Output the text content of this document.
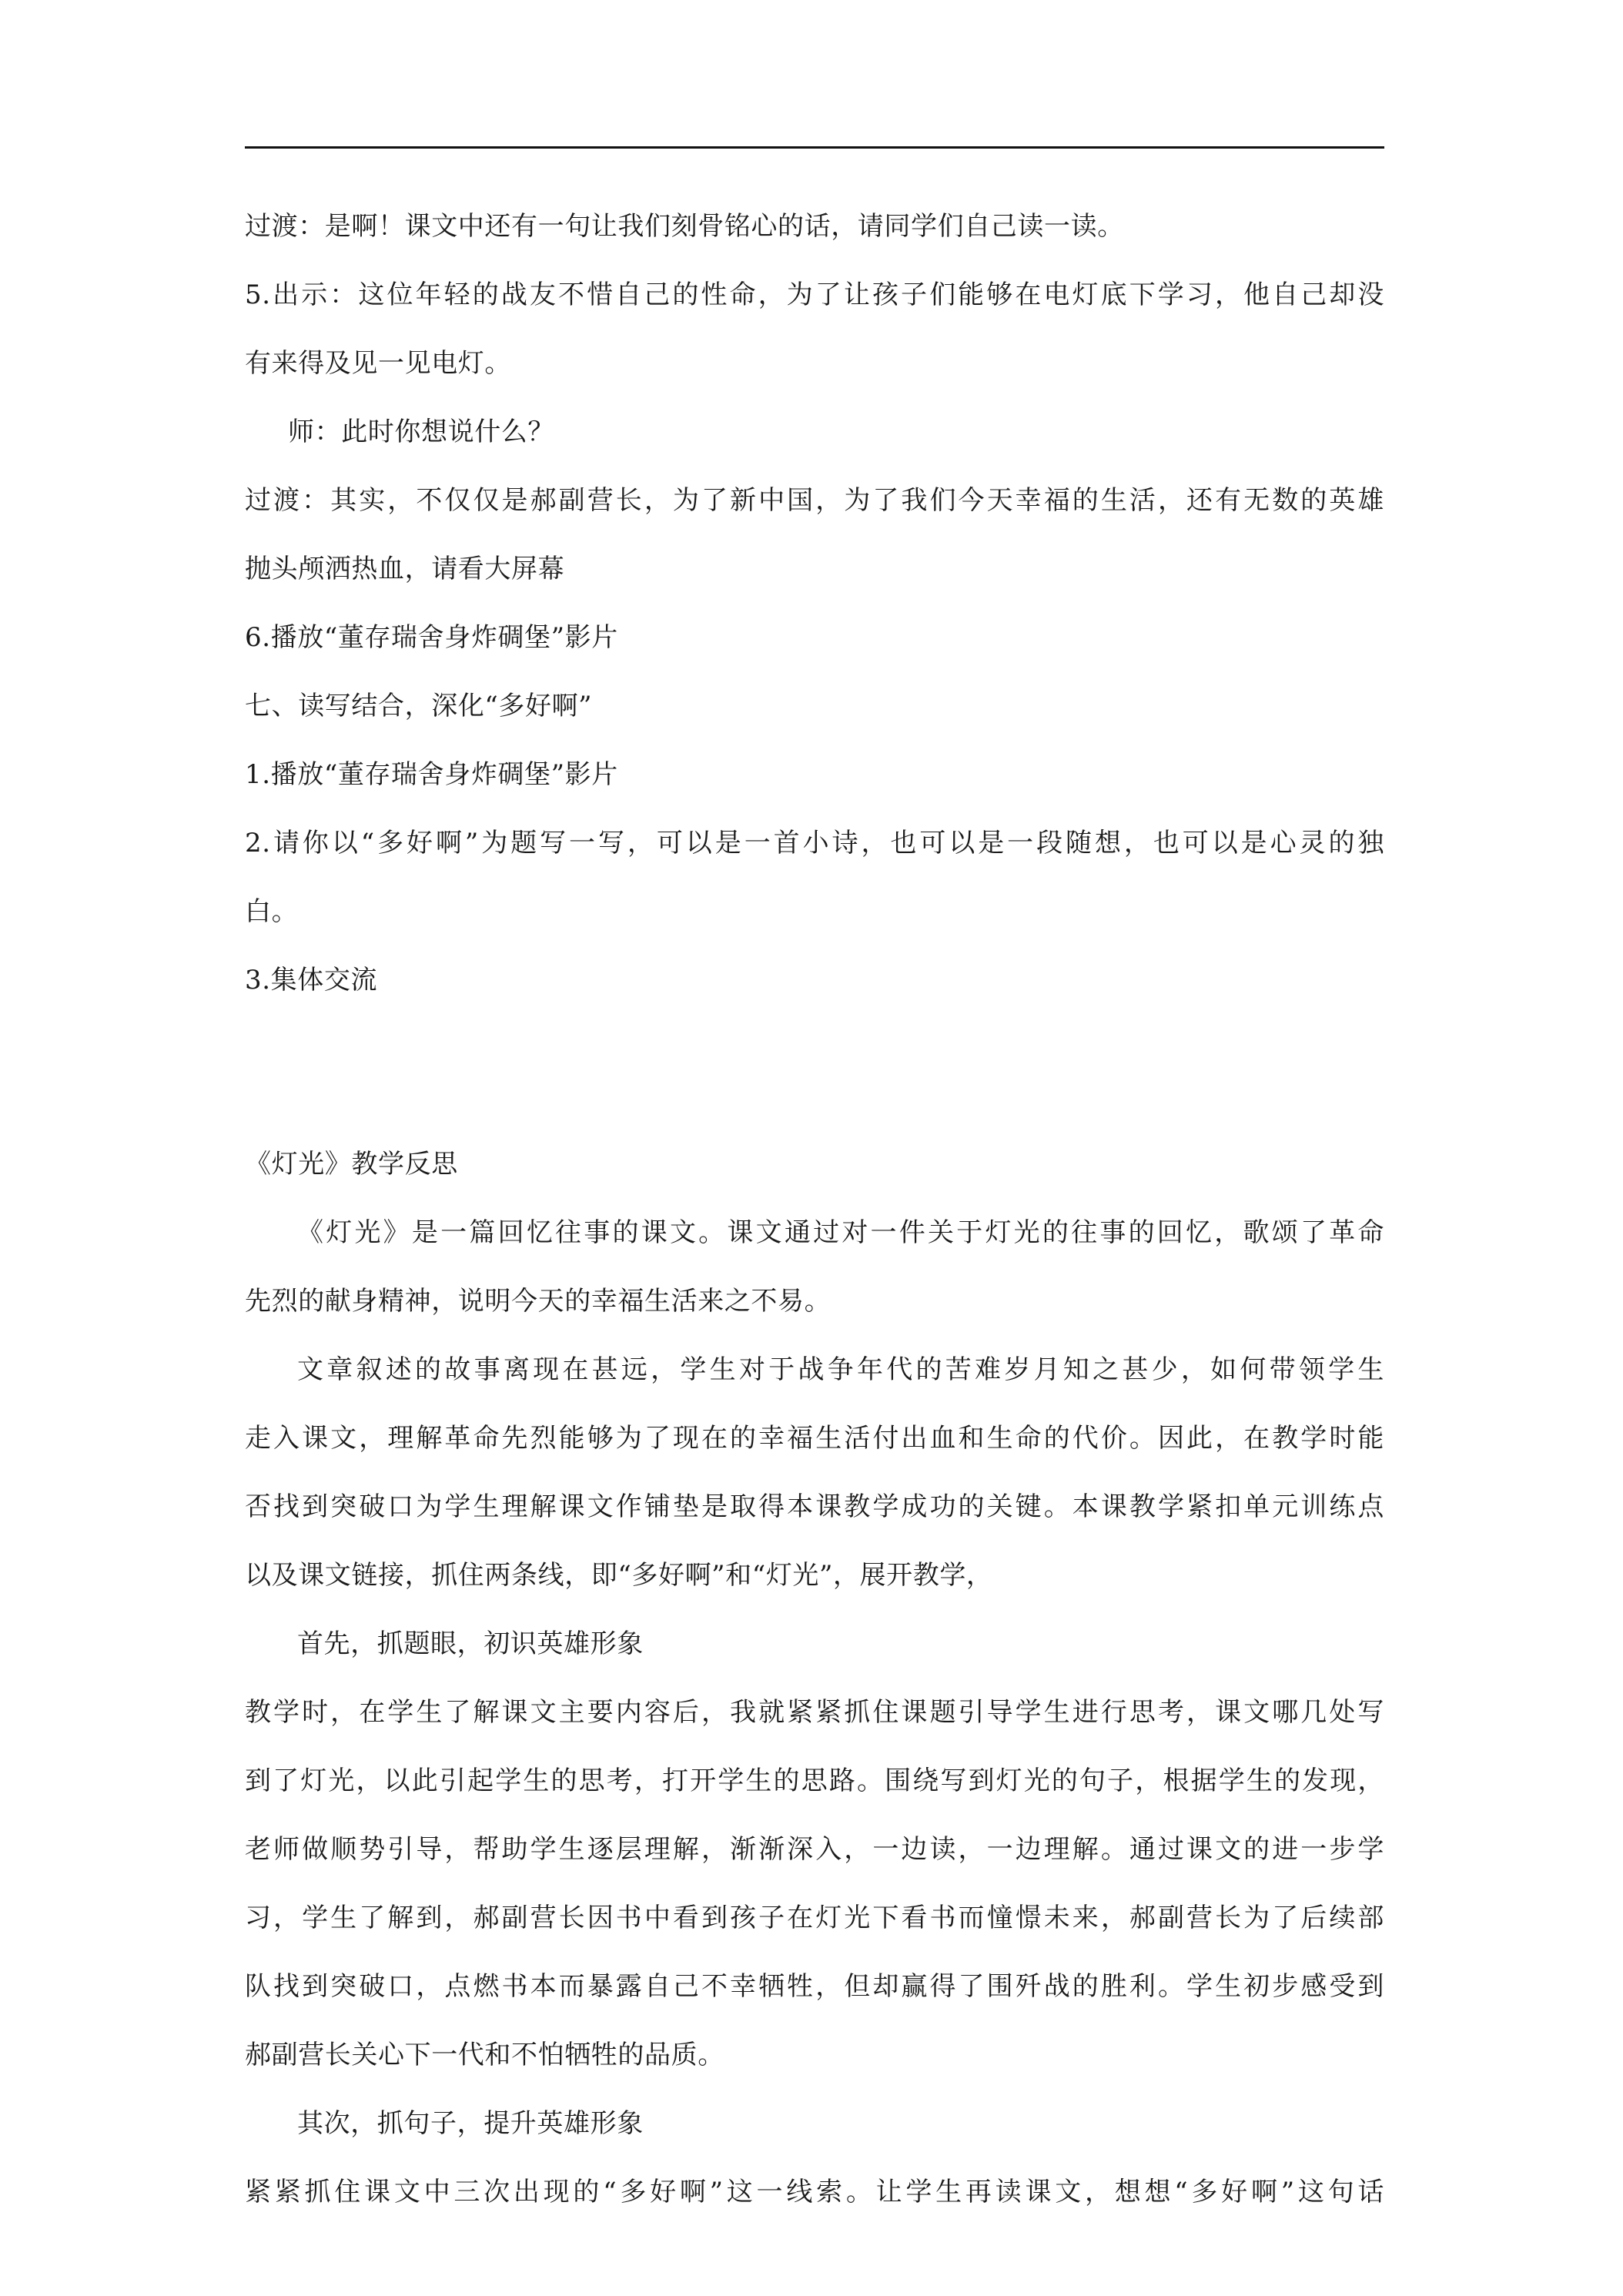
过渡：是啊！课文中还有一句让我们刻骨铭心的话，请同学们自己读一读。
5.出示：这位年轻的战友不惜自己的性命，为了让孩子们能够在电灯底下学习，他自己却没
有来得及见一见电灯。
师：此时你想说什么？
过渡：其实，不仅仅是郝副营长，为了新中国，为了我们今天幸福的生活，还有无数的英雄
抛头颅洒热血，请看大屏幕
6.播放“董存瑞舍身炸碉堡”影片
七、读写结合，深化“多好啊”
1.播放“董存瑞舍身炸碉堡”影片
2.请你以“多好啊”为题写一写，可以是一首小诗，也可以是一段随想，也可以是心灵的独
白。
3.集体交流
《灯光》教学反思
《灯光》是一篇回忆往事的课文。课文通过对一件关于灯光的往事的回忆，歌颂了革命
先烈的献身精神，说明今天的幸福生活来之不易。
文章叙述的故事离现在甚远，学生对于战争年代的苦难岁月知之甚少，如何带领学生
走入课文，理解革命先烈能够为了现在的幸福生活付出血和生命的代价。因此，在教学时能
否找到突破口为学生理解课文作铺垫是取得本课教学成功的关键。本课教学紧扣单元训练点
以及课文链接，抓住两条线，即“多好啊”和“灯光”，展开教学，
首先，抓题眼，初识英雄形象
教学时，在学生了解课文主要内容后，我就紧紧抓住课题引导学生进行思考，课文哪几处写
到了灯光，以此引起学生的思考，打开学生的思路。围绕写到灯光的句子，根据学生的发现，
老师做顺势引导，帮助学生逐层理解，渐渐深入，一边读，一边理解。通过课文的进一步学
习，学生了解到，郝副营长因书中看到孩子在灯光下看书而憧憬未来，郝副营长为了后续部
队找到突破口，点燃书本而暴露自己不幸牺牲，但却赢得了围歼战的胜利。学生初步感受到
郝副营长关心下一代和不怕牺牲的品质。
其次，抓句子，提升英雄形象
紧紧抓住课文中三次出现的“多好啊”这一线索。让学生再读课文，想想“多好啊”这句话
